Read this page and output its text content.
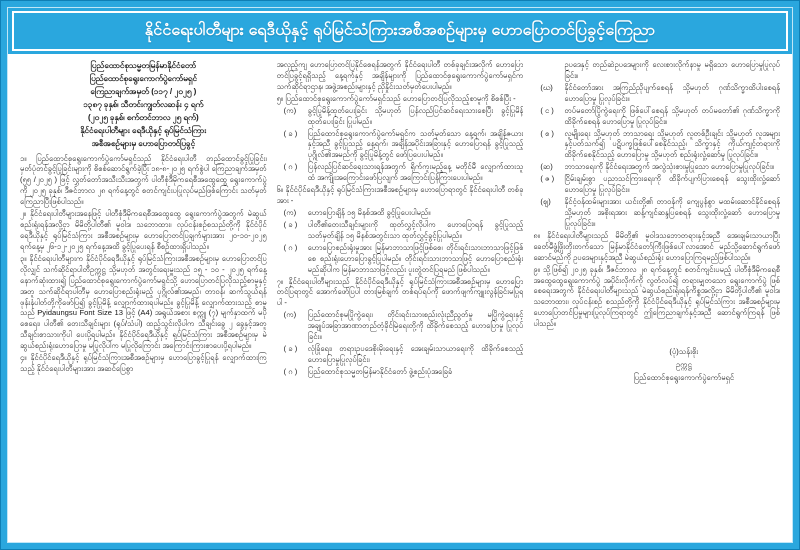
နိုင်ငံရေးပါတီများ ရေဒီယိုနှင့် ရုပ်မြင်သံကြားအစီအစဉ်များမှ ဟောပြောတင်ပြခွင့်ကြေညာ
ပြည်ထောင်စုသမ္မတမြန်မာနိုင်ငံတော်
ပြည်ထောင်စုရွေးကောက်ပွဲကော်မရှင်
ကြေညာချက်အမှတ် (၁၁၇ / ၂၀၂၅ )
၁၃၈၇ ခုနှစ်၊ သီတင်းကျွတ်လဆန်း ၄ ရက်
(၂၀၂၅ ခုနှစ်၊ စက်တင်ဘာလ ၂၅ ရက်)
နိုင်ငံရေးပါတီများ ရေဒီယိုနှင့် ရုပ်မြင်သံကြား
အစီအစဉ်များမှ ဟောပြောတင်ပြခွင့်
၁။ ပြည်ထောင်စုရွေးကောက်ပွဲကော်မရှင်သည် နိုင်ငံရေးပါတီ တည်ထောင်ခွင့်ပြုခြင်း၊ မှတ်ပုံတင်ခွင့်ပြုခြင်းများကို စိစစ်ဆောင်ရွက်ခဲ့ပြီး ၁၈-၈-၂၀၂၅ ရက်စွဲပါ ကြေညာချက်အမှတ် (၅၅ /၂၀၂၅ ) ဖြင့် လွှတ်တော်အသီးသီးအတွက် ပါတီစုံဒီမိုကရေစီအထွေထွေ ရွေးကောက်ပွဲကို ၂၀၂၅ ခုနှစ်၊ ဒီဇင်ဘာလ ၂၈ ရက်နေ့တွင် စတင်ကျင်းပပြုလုပ်မည်ဖြစ်ကြောင်း သတ်မှတ်ကြေညာပြီးဖြစ်ပါသည်။
၂။ နိုင်ငံရေးပါတီများအနေဖြင့် ပါတီစုံဒီမိုကရေစီအထွေထွေ ရွေးကောက်ပွဲအတွက် မဲဆွယ်စည်းရုံးရန်အလို့ငှာ မိမိတို့ပါတီ၏ မူဝါဒ၊ သဘောထား၊ လုပ်ငန်းစဉ်စသည်တို့ကို နိုင်ငံပိုင်ရေဒီယိုနှင့် ရုပ်မြင်သံကြား အစီအစဉ်များမှ ဟောပြောတင်ပြချက်များအား ၂၀-၁၀-၂၀၂၅ ရက်နေ့မှ ၂၆-၁၂-၂၀၂၅ ရက်နေ့အထိ ခွင့်ပြုပေးရန် စီစဉ်ထားရှိပါသည်။
၃။ နိုင်ငံရေးပါတီများက နိုင်ငံပိုင်ရေဒီယိုနှင့် ရုပ်မြင်သံကြားအစီအစဉ်များမှ ဟောပြောတင်ပြလိုလျှင် သက်ဆိုင်ရာပါတီဥက္ကဋ္ဌ သို့မဟုတ် အတွင်းရေးမှူးသည် ၁၅ - ၁၀ - ၂၀၂၅ ရက်နေ့ နောက်ဆုံးထား၍ ပြည်ထောင်စုရွေးကောက်ပွဲကော်မရှင်သို့ ဟောပြောတင်ပြလိုသည့်စာမူနှင့်အတူ သက်ဆိုင်ရာပါတီမှ ဟောပြောစည်းရုံးမည့် ပုဂ္ဂိုလ်၏အမည်၊ တာဝန်၊ ဆက်သွယ်ရန် ဖုန်းနံပါတ်တို့ကိုဖော်ပြ၍ ခွင့်ပြုမိန့် လျှောက်ထားရပါမည်။ ခွင့်ပြုမိန့် လျှောက်ထားသည့် စာမူသည် Pyidaungsu Font Size 13 ဖြင့် (A4) အရွယ်အစား စက္ကူ (၇) မျက်နှာထက် မပိုစေရေး၊ ပါတီ၏ တေးသီချင်းများ (ရုပ်/သံပါ) ထည့်သွင်းလိုပါက သီချင်းခွေ ၂ ခွေနှင့်အတူ သီချင်းစာသားကိုပါ ပေးပို့ရပါမည်။ နိုင်ငံပိုင်ရေဒီယိုနှင့် ရုပ်မြင်သံကြား အစီအစဉ်များမှ မဲဆွယ်စည်းရုံးဟောပြောမှု မပြုလိုပါက မပြုလိုကြောင်း အကြောင်းကြားစာပေးပို့ရပါမည်။
၄။ နိုင်ငံပိုင်ရေဒီယိုနှင့် ရုပ်မြင်သံကြားအစီအစဉ်များမှ ဟောပြောခွင့်ပြုရန် လျှောက်ထားကြသည့် နိုင်ငံရေးပါတီများအား အဆင်ပြေစွာ
အလှည့်ကျ ဟောပြောတင်ပြနိုင်စေရန်အတွက် နိုင်ငံရေးပါတီ တစ်ခုချင်းအလိုက် ဟောပြောတင်ပြခွင့်ရရှိသည့် နေ့ရက်နှင့် အချိန်များကို ပြည်ထောင်စုရွေးကောက်ပွဲကော်မရှင်က သက်ဆိုင်ရာဌာန၊ အဖွဲ့အစည်းများနှင့် ညှိနှိုင်းသတ်မှတ်ပေးပါမည်။
၅။ ပြည်ထောင်စုရွေးကောက်ပွဲကော်မရှင်သည် ဟောပြောတင်ပြလိုသည့်စာမူကို စိစစ်ပြီး -
(က)	ခွင့်ပြုမိန့်ထုတ်ပေးခြင်း သို့မဟုတ် ပြန်လည်ပြင်ဆင်ရေးသားစေပြီး ခွင့်ပြုမိန့် ထုတ်ပေးခြင်း ပြုပါမည်။
( ခ )	ပြည်ထောင်စုရွေးကောက်ပွဲကော်မရှင်က သတ်မှတ်သော နေ့ရက်၊ အချိန်ဇယားနှင့်အညီ ခွင့်ပြုသည့် နေ့ရက်၊ အချိန်အပိုင်းအခြားနှင့် ဟောပြောရန် ခွင့်ပြုသည့် ပုဂ္ဂိုလ်၏အမည်ကို ခွင့်ပြုမိန့်တွင် ဖော်ပြပေးပါမည်။
( ဂ )	ပြန်လည်ပြင်ဆင်ရေးသားရန်အတွက် ရိုက်ကူးမည့်နေ့ မတိုင်မီ လျှောက်ထားသူထံ အကျိုးအကြောင်းဖော်ပြလျက် အကြောင်းပြန်ကြားပေးပါမည်။
၆။ နိုင်ငံပိုင်ရေဒီယိုနှင့် ရုပ်မြင်သံကြားအစီအစဉ်များမှ ဟောပြောရာတွင် နိုင်ငံရေးပါတီ တစ်ခုအား -
(က)	ဟောပြောချိန် ၁၅ မိနစ်အထိ ခွင့်ပြုပေးပါမည်။
( ခ )	ပါတီ၏တေးသီချင်းများကို ထုတ်လွှင့်လိုပါက ဟောပြောရန် ခွင့်ပြုသည့် သတ်မှတ်ချိန် ၁၅ မိနစ်အတွင်းသာ ထုတ်လွှင့်ခွင့်ပြုပါမည်။
( ဂ )	ဟောပြောစည်းရုံးမှုအား မြန်မာဘာသာဖြင့်ဖြစ်စေ၊ တိုင်းရင်းသားဘာသာဖြင့်ဖြစ်စေ စည်းရုံးဟောပြောခွင့်ပြုပါမည်။ တိုင်းရင်းသားဘာသာဖြင့် ဟောပြောစည်းရုံးမည်ဆိုပါက မြန်မာဘာသာဖြင့်လည်း ပူးတွဲတင်ပြရမည် ဖြစ်ပါသည်။
၇။ နိုင်ငံရေးပါတီများသည် နိုင်ငံပိုင်ရေဒီယိုနှင့် ရုပ်မြင်သံကြားအစီအစဉ်များမှ ဟောပြောတင်ပြရာတွင် အောက်ဖော်ပြပါ တားမြစ်ချက် တစ်ရပ်ရပ်ကို ဖောက်ဖျက်ကျူးလွန်ခြင်းမပြုရပါ -
(က)	ပြည်ထောင်စုမပြိုကွဲရေး၊ တိုင်းရင်းသားစည်းလုံးညီညွတ်မှု မပြိုကွဲရေးနှင့် အချုပ်အခြာအာဏာတည်တံ့ခိုင်မြဲရေးတို့ကို ထိခိုက်စေသည့် ဟောပြောမှု ပြုလုပ်ခြင်း။
( ခ )	လုံခြုံရေး၊ တရားဥပဒေစိုးမိုးရေးနှင့် အေးချမ်းသာယာရေးကို ထိခိုက်စေသည့် ဟောပြောမှုပြုလုပ်ခြင်း၊
( ဂ )	ပြည်ထောင်စုသမ္မတမြန်မာနိုင်ငံတော် ဖွဲ့စည်းပုံအခြေခံ
ဥပဒေနှင့် တည်ဆဲဥပဒေများကို လေးစားလိုက်နာမှု မရှိသော ဟောပြောမှုပြုလုပ်ခြင်း။
(ဃ)	နိုင်ငံတော်အား အကြည်ညိုပျက်စေရန် သို့မဟုတ် ဂုဏ်သိက္ခာထိပါးစေရန် ဟောပြောမှု ပြုလုပ်ခြင်း။
( င )	တပ်မတော်ပြိုကွဲရေးကို ဖြစ်ပေါ်စေရန် သို့မဟုတ် တပ်မတော်၏ ဂုဏ်သိက္ခာကို ထိခိုက်စေရန် ဟောပြောမှု ပြုလုပ်ခြင်း။
( စ )	လူမျိုးရေး သို့မဟုတ် ဘာသာရေး သို့မဟုတ် လူတစ်ဦးချင်း သို့မဟုတ် လူအများနှင့်ပတ်သက်၍ ပဋိပက္ခဖြစ်ပေါ်စေနိုင်သည့်၊ သိက္ခာနှင့် ကိုယ်ကျင့်တရားကို ထိခိုက်စေနိုင်သည့် ဟောပြောမှု သို့မဟုတ် စည်းရုံးလှုံ့ဆော်မှု ပြုလုပ်ခြင်း။
(ဆ)	ဘာသာရေးကို နိုင်ငံရေးအတွက် အလွဲသုံးစားမှုပြုသော ဟောပြောမှုပြုလုပ်ခြင်း။
( ဇ )	ငြိမ်းချမ်းစွာ ပညာသင်ကြားရေးကို ထိခိုက်ပျက်ပြားစေရန် သွေးထိုးလှုံ့ဆော် ဟောပြောမှု ပြုလုပ်ခြင်း။
(ဈ)	နိုင်ငံ့ဝန်ထမ်းများအား ယင်းတို့၏ တာဝန်ကို ကျေပွန်စွာ မထမ်းဆောင်နိုင်စေရန် သို့မဟုတ် အစိုးရအား ဆန့်ကျင်ဆန္ဒပြစေရန် သွေးထိုးလှုံ့ဆော် ဟောပြောမှု ပြုလုပ်ခြင်း။
၈။ နိုင်ငံရေးပါတီများသည် မိမိတို့၏ မူဝါဒသဘောတရားနှင့်အညီ အေးချမ်းသာယာပြီး ခေတ်မီဖွံ့ဖြိုးတိုးတက်သော မြန်မာနိုင်ငံတော်ကြီးဖြစ်ပေါ်လာအောင် မည်သို့ဆောင်ရွက်ဖော်ဆောင်မည်ကို ဥပဒေများနှင့်အညီ မဲဆွယ်စည်းရုံး ဟောပြောကြရမည်ဖြစ်ပါသည်။
၉။ သို့ဖြစ်၍ ၂၀၂၅ ခုနှစ်၊ ဒီဇင်ဘာလ ၂၈ ရက်နေ့တွင် စတင်ကျင်းပမည့် ပါတီစုံဒီမိုကရေစီအထွေထွေရွေးကောက်ပွဲ အပိုင်းလိုက်ကို လွတ်လပ်၍ တရားမျှတသော ရွေးကောက်ပွဲ ဖြစ်စေရေးအတွက် နိုင်ငံရေးပါတီများသည် မဲဆွယ်စည်းရုံးရန်ကိစ္စအလို့ငှာ မိမိတို့ပါတီ၏ မူဝါဒ၊ သဘောထား၊ လုပ်ငန်းစဉ် စသည်တို့ကို နိုင်ငံပိုင်ရေဒီယိုနှင့် ရုပ်မြင်သံကြား အစီအစဉ်များမှ ဟောပြောတင်ပြမှုများပြုလုပ်ကြရာတွင် ဤကြေညာချက်နှင့်အညီ ဆောင်ရွက်ကြရန် ဖြစ်ပါသည်။
(ပုံ)သန်းစိုး
ဥက္ကဋ္ဌ
ပြည်ထောင်စုရွေးကောက်ပွဲကော်မရှင်
